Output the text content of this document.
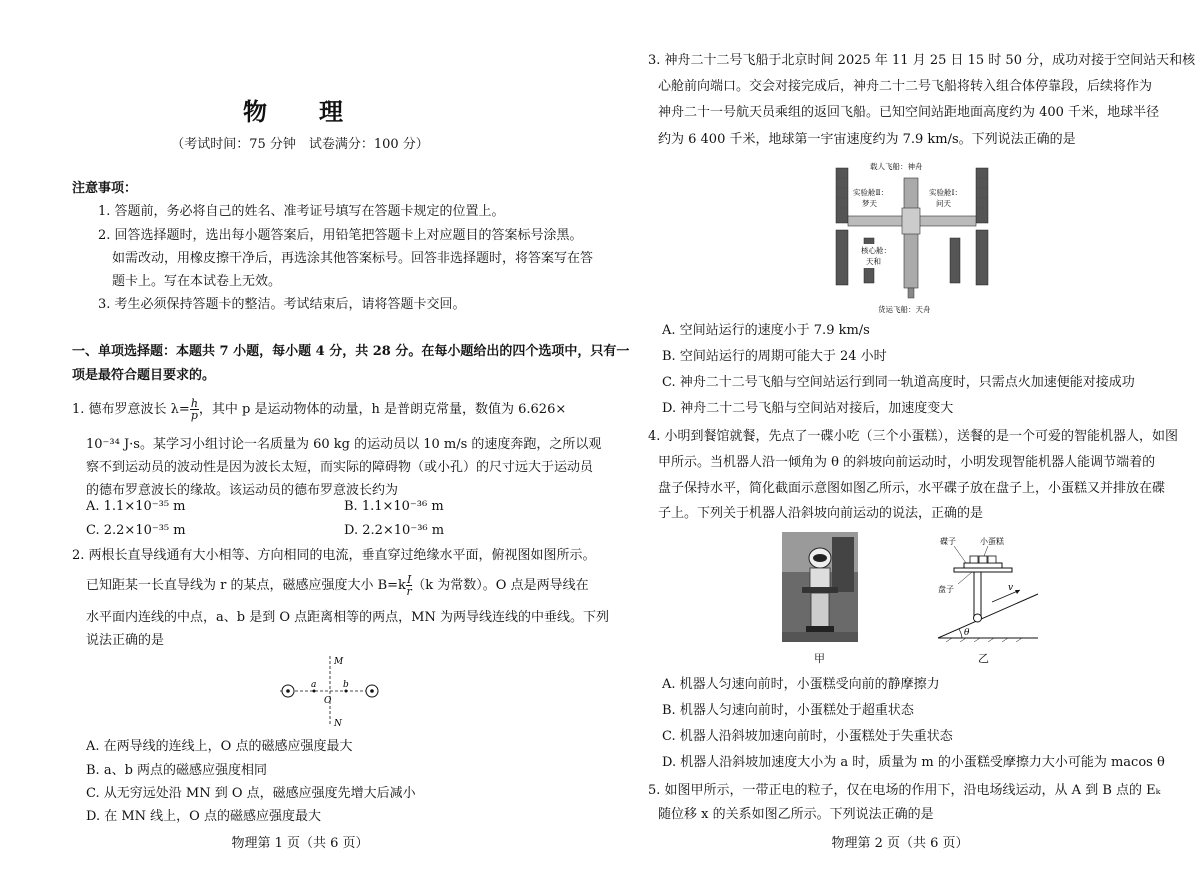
物　理
（考试时间：75 分钟　试卷满分：100 分）
注意事项：
1. 答题前，务必将自己的姓名、准考证号填写在答题卡规定的位置上。
2. 回答选择题时，选出每小题答案后，用铅笔把答题卡上对应题目的答案标号涂黑。
如需改动，用橡皮擦干净后，再选涂其他答案标号。回答非选择题时，将答案写在答
题卡上。写在本试卷上无效。
3. 考生必须保持答题卡的整洁。考试结束后，请将答题卡交回。
一、单项选择题：本题共 7 小题，每小题 4 分，共 28 分。在每小题给出的四个选项中，只有一
项是最符合题目要求的。
1. 德布罗意波长 $\lambda= \frac{h}{p}$ ，其中 p 是运动物体的动量，h 是普朗克常量，数值为 6.626×
10⁻³⁴ J·s。某学习小组讨论一名质量为 60 kg 的运动员以 10 m/s 的速度奔跑，之所以观
察不到运动员的波动性是因为波长太短，而实际的障碍物（或小孔）的尺寸远大于运动员
的德布罗意波长的缘故。该运动员的德布罗意波长约为
A. 1.1×10⁻³⁵ m	B. 1.1×10⁻³⁶ m
C. 2.2×10⁻³⁵ m	D. 2.2×10⁻³⁶ m
2. 两根长直导线通有大小相等、方向相同的电流，垂直穿过绝缘水平面，俯视图如图所示。
已知距某一长直导线为 r 的某点，磁感应强度大小 $B=k \frac{I}{r} (k$ 为常数）。O 点是两导线在
水平面内连线的中点，a、b 是到 O 点距离相等的两点，MN 为两导线连线的中垂线。下列
说法正确的是
M
N
O
a	b
A. 在两导线的连线上，O 点的磁感应强度最大
B. a、b 两点的磁感应强度相同
C. 从无穷远处沿 MN 到 O 点，磁感应强度先增大后减小
D. 在 MN 线上，O 点的磁感应强度最大
物理第 1 页（共 6 页）
3. 神舟二十二号飞船于北京时间 2025 年 11 月 25 日 15 时 50 分，成功对接于空间站天和核
心舱前向端口。交会对接完成后，神舟二十二号飞船将转入组合体停靠段，后续将作为
神舟二十一号航天员乘组的返回飞船。已知空间站距地面高度约为 400 千米，地球半径
约为 6 400 千米，地球第一宇宙速度约为 7.9 km/s。下列说法正确的是
载人飞船：神舟
实验舱Ⅱ：
梦天
实验舱Ⅰ：
问天
核心舱：
天和
货运飞船：天舟
A. 空间站运行的速度小于 7.9 km/s
B. 空间站运行的周期可能大于 24 小时
C. 神舟二十二号飞船与空间站运行到同一轨道高度时，只需点火加速便能对接成功
D. 神舟二十二号飞船与空间站对接后，加速度变大
4. 小明到餐馆就餐，先点了一碟小吃（三个小蛋糕），送餐的是一个可爱的智能机器人，如图
甲所示。当机器人沿一倾角为 θ 的斜坡向前运动时，小明发现智能机器人能调节端着的
盘子保持水平，简化截面示意图如图乙所示，水平碟子放在盘子上，小蛋糕又并排放在碟
子上。下列关于机器人沿斜坡向前运动的说法，正确的是
甲
θ
碟子	小蛋糕
盘子	v
乙
A. 机器人匀速向前时，小蛋糕受向前的静摩擦力
B. 机器人匀速向前时，小蛋糕处于超重状态
C. 机器人沿斜坡加速向前时，小蛋糕处于失重状态
D. 机器人沿斜坡加速度大小为 a 时，质量为 m 的小蛋糕受摩擦力大小可能为 macos θ
5. 如图甲所示，一带正电的粒子，仅在电场的作用下，沿电场线运动，从 A 到 B 点的 Eₖ
随位移 x 的关系如图乙所示。下列说法正确的是
物理第 2 页（共 6 页）
